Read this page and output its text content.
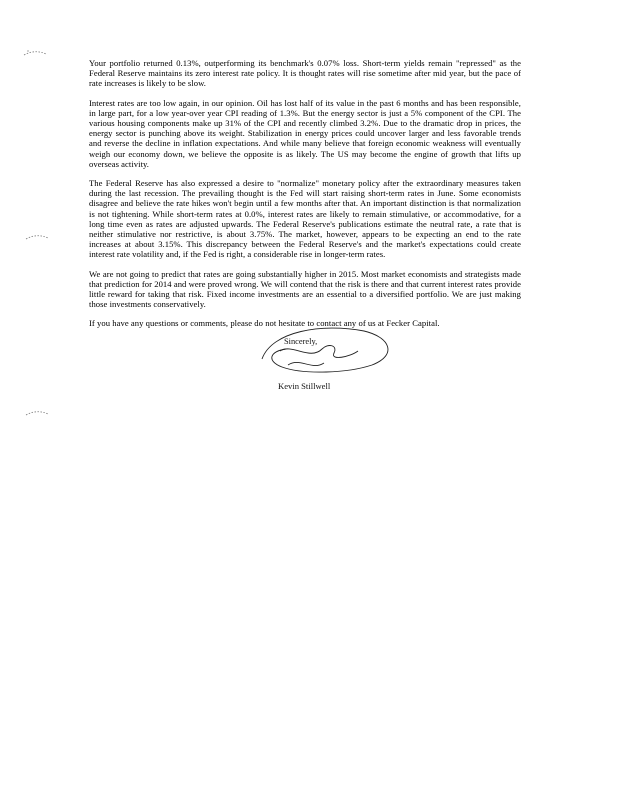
Your portfolio returned 0.13%, outperforming its benchmark's 0.07% loss. Short-term yields remain "repressed" as the Federal Reserve maintains its zero interest rate policy. It is thought rates will rise sometime after mid year, but the pace of rate increases is likely to be slow.

Interest rates are too low again, in our opinion. Oil has lost half of its value in the past 6 months and has been responsible, in large part, for a low year-over year CPI reading of 1.3%. But the energy sector is just a 5% component of the CPI. The various housing components make up 31% of the CPI and recently climbed 3.2%. Due to the dramatic drop in prices, the energy sector is punching above its weight. Stabilization in energy prices could uncover larger and less favorable trends and reverse the decline in inflation expectations. And while many believe that foreign economic weakness will eventually weigh our economy down, we believe the opposite is as likely. The US may become the engine of growth that lifts up overseas activity.

The Federal Reserve has also expressed a desire to "normalize" monetary policy after the extraordinary measures taken during the last recession. The prevailing thought is the Fed will start raising short-term rates in June. Some economists disagree and believe the rate hikes won't begin until a few months after that. An important distinction is that normalization is not tightening. While short-term rates at 0.0%, interest rates are likely to remain stimulative, or accommodative, for a long time even as rates are adjusted upwards. The Federal Reserve's publications estimate the neutral rate, a rate that is neither stimulative nor restrictive, is about 3.75%. The market, however, appears to be expecting an end to the rate increases at about 3.15%. This discrepancy between the Federal Reserve's and the market's expectations could create interest rate volatility and, if the Fed is right, a considerable rise in longer-term rates.

We are not going to predict that rates are going substantially higher in 2015. Most market economists and strategists made that prediction for 2014 and were proved wrong. We will contend that the risk is there and that current interest rates provide little reward for taking that risk. Fixed income investments are an essential to a diversified portfolio. We are just making those investments conservatively.

If you have any questions or comments, please do not hesitate to contact any of us at Fecker Capital.

Sincerely,
Kevin Stillwell
